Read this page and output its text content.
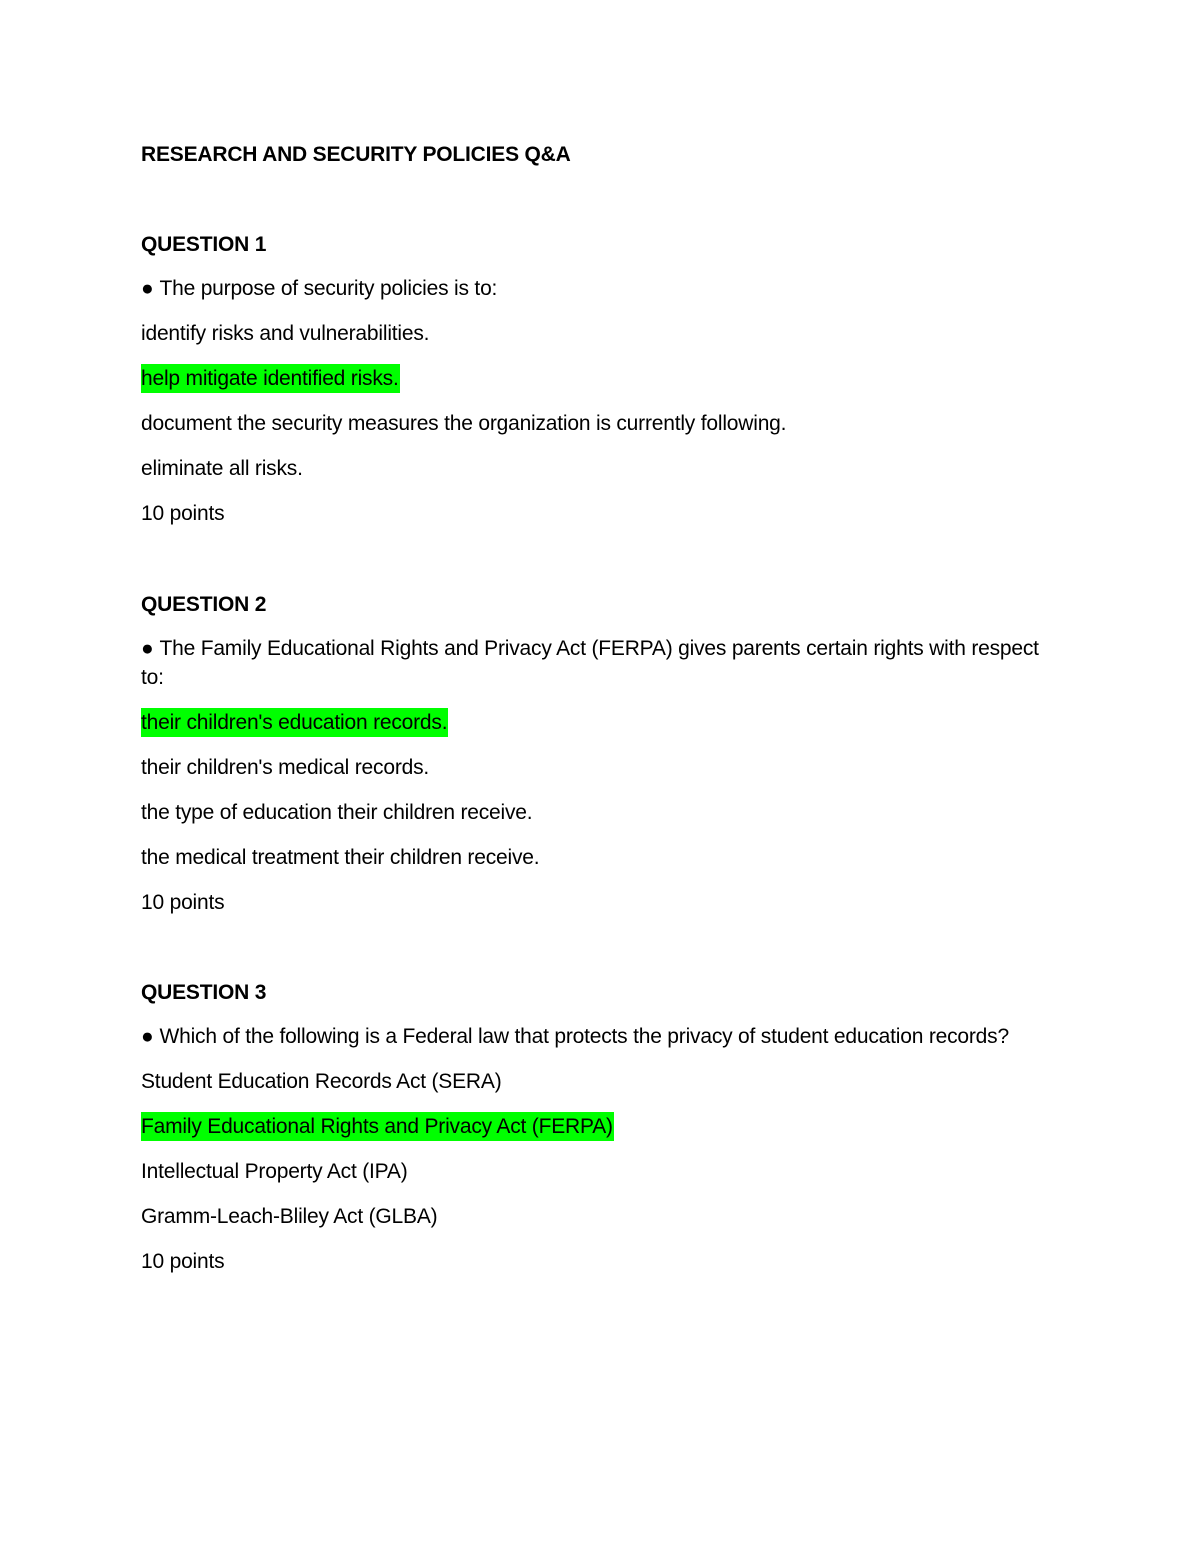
RESEARCH AND SECURITY POLICIES Q&A
QUESTION 1
● The purpose of security policies is to:
identify risks and vulnerabilities.
help mitigate identified risks.
document the security measures the organization is currently following.
eliminate all risks.
10 points
QUESTION 2
● The Family Educational Rights and Privacy Act (FERPA) gives parents certain rights with respect to:
their children's education records.
their children's medical records.
the type of education their children receive.
the medical treatment their children receive.
10 points
QUESTION 3
● Which of the following is a Federal law that protects the privacy of student education records?
Student Education Records Act (SERA)
Family Educational Rights and Privacy Act (FERPA)
Intellectual Property Act (IPA)
Gramm-Leach-Bliley Act (GLBA)
10 points
